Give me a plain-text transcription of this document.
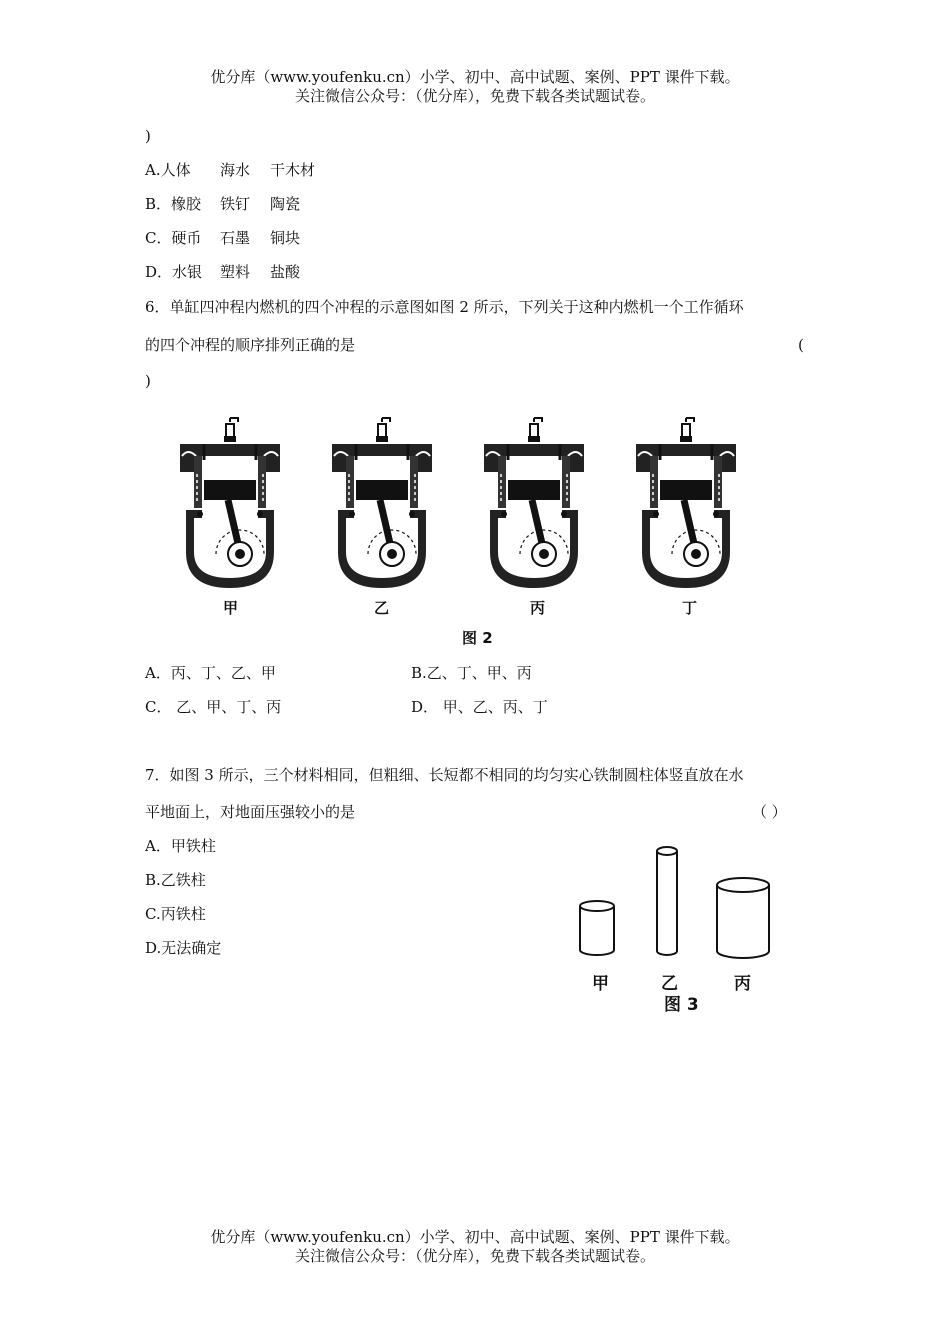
优分库（www.youfenku.cn）小学、初中、高中试题、案例、PPT 课件下载。
关注微信公众号：（优分库），免费下载各类试题试卷。
)
A.人体 海水 干木材
B．橡胶 铁钉 陶瓷
C．硬币 石墨 铜块
D．水银 塑料 盐酸
6．单缸四冲程内燃机的四个冲程的示意图如图 2 所示，下列关于这种内燃机一个工作循环
的四个冲程的顺序排列正确的是	(
)
甲	乙	丙	丁
图 2
A．丙、丁、乙、甲	B.乙、丁、甲、丙
C． 乙、甲、丁、丙	D． 甲、乙、丙、丁
7．如图 3 所示，三个材料相同，但粗细、长短都不相同的均匀实心铁制圆柱体竖直放在水
平地面上，对地面压强较小的是	（ ）
A．甲铁柱
B.乙铁柱
C.丙铁柱
D.无法确定
甲	乙	丙
图 3
优分库（www.youfenku.cn）小学、初中、高中试题、案例、PPT 课件下载。
关注微信公众号：（优分库），免费下载各类试题试卷。
